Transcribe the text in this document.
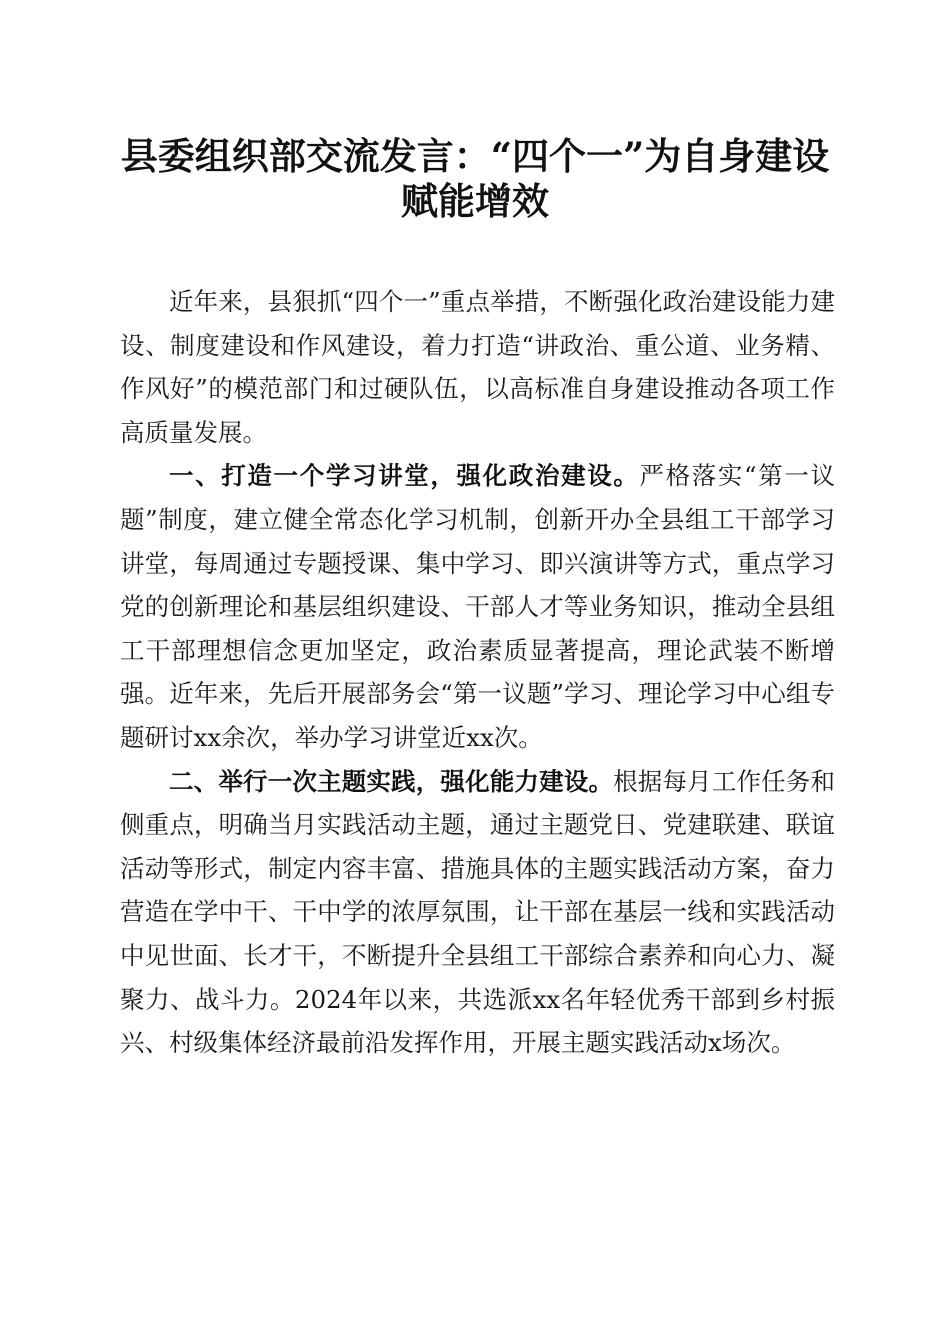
县委组织部交流发言：“四个一”为自身建设
赋能增效

近年来，县狠抓“四个一”重点举措，不断强化政治建设能力建设、制度建设和作风建设，着力打造“讲政治、重公道、业务精、作风好”的模范部门和过硬队伍，以高标准自身建设推动各项工作高质量发展。

一、打造一个学习讲堂，强化政治建设。严格落实“第一议题”制度，建立健全常态化学习机制，创新开办全县组工干部学习讲堂，每周通过专题授课、集中学习、即兴演讲等方式，重点学习党的创新理论和基层组织建设、干部人才等业务知识，推动全县组工干部理想信念更加坚定，政治素质显著提高，理论武装不断增强。近年来，先后开展部务会“第一议题”学习、理论学习中心组专题研讨xx余次，举办学习讲堂近xx次。

二、举行一次主题实践，强化能力建设。根据每月工作任务和侧重点，明确当月实践活动主题，通过主题党日、党建联建、联谊活动等形式，制定内容丰富、措施具体的主题实践活动方案，奋力营造在学中干、干中学的浓厚氛围，让干部在基层一线和实践活动中见世面、长才干，不断提升全县组工干部综合素养和向心力、凝聚力、战斗力。2024年以来，共选派xx名年轻优秀干部到乡村振兴、村级集体经济最前沿发挥作用，开展主题实践活动x场次。
